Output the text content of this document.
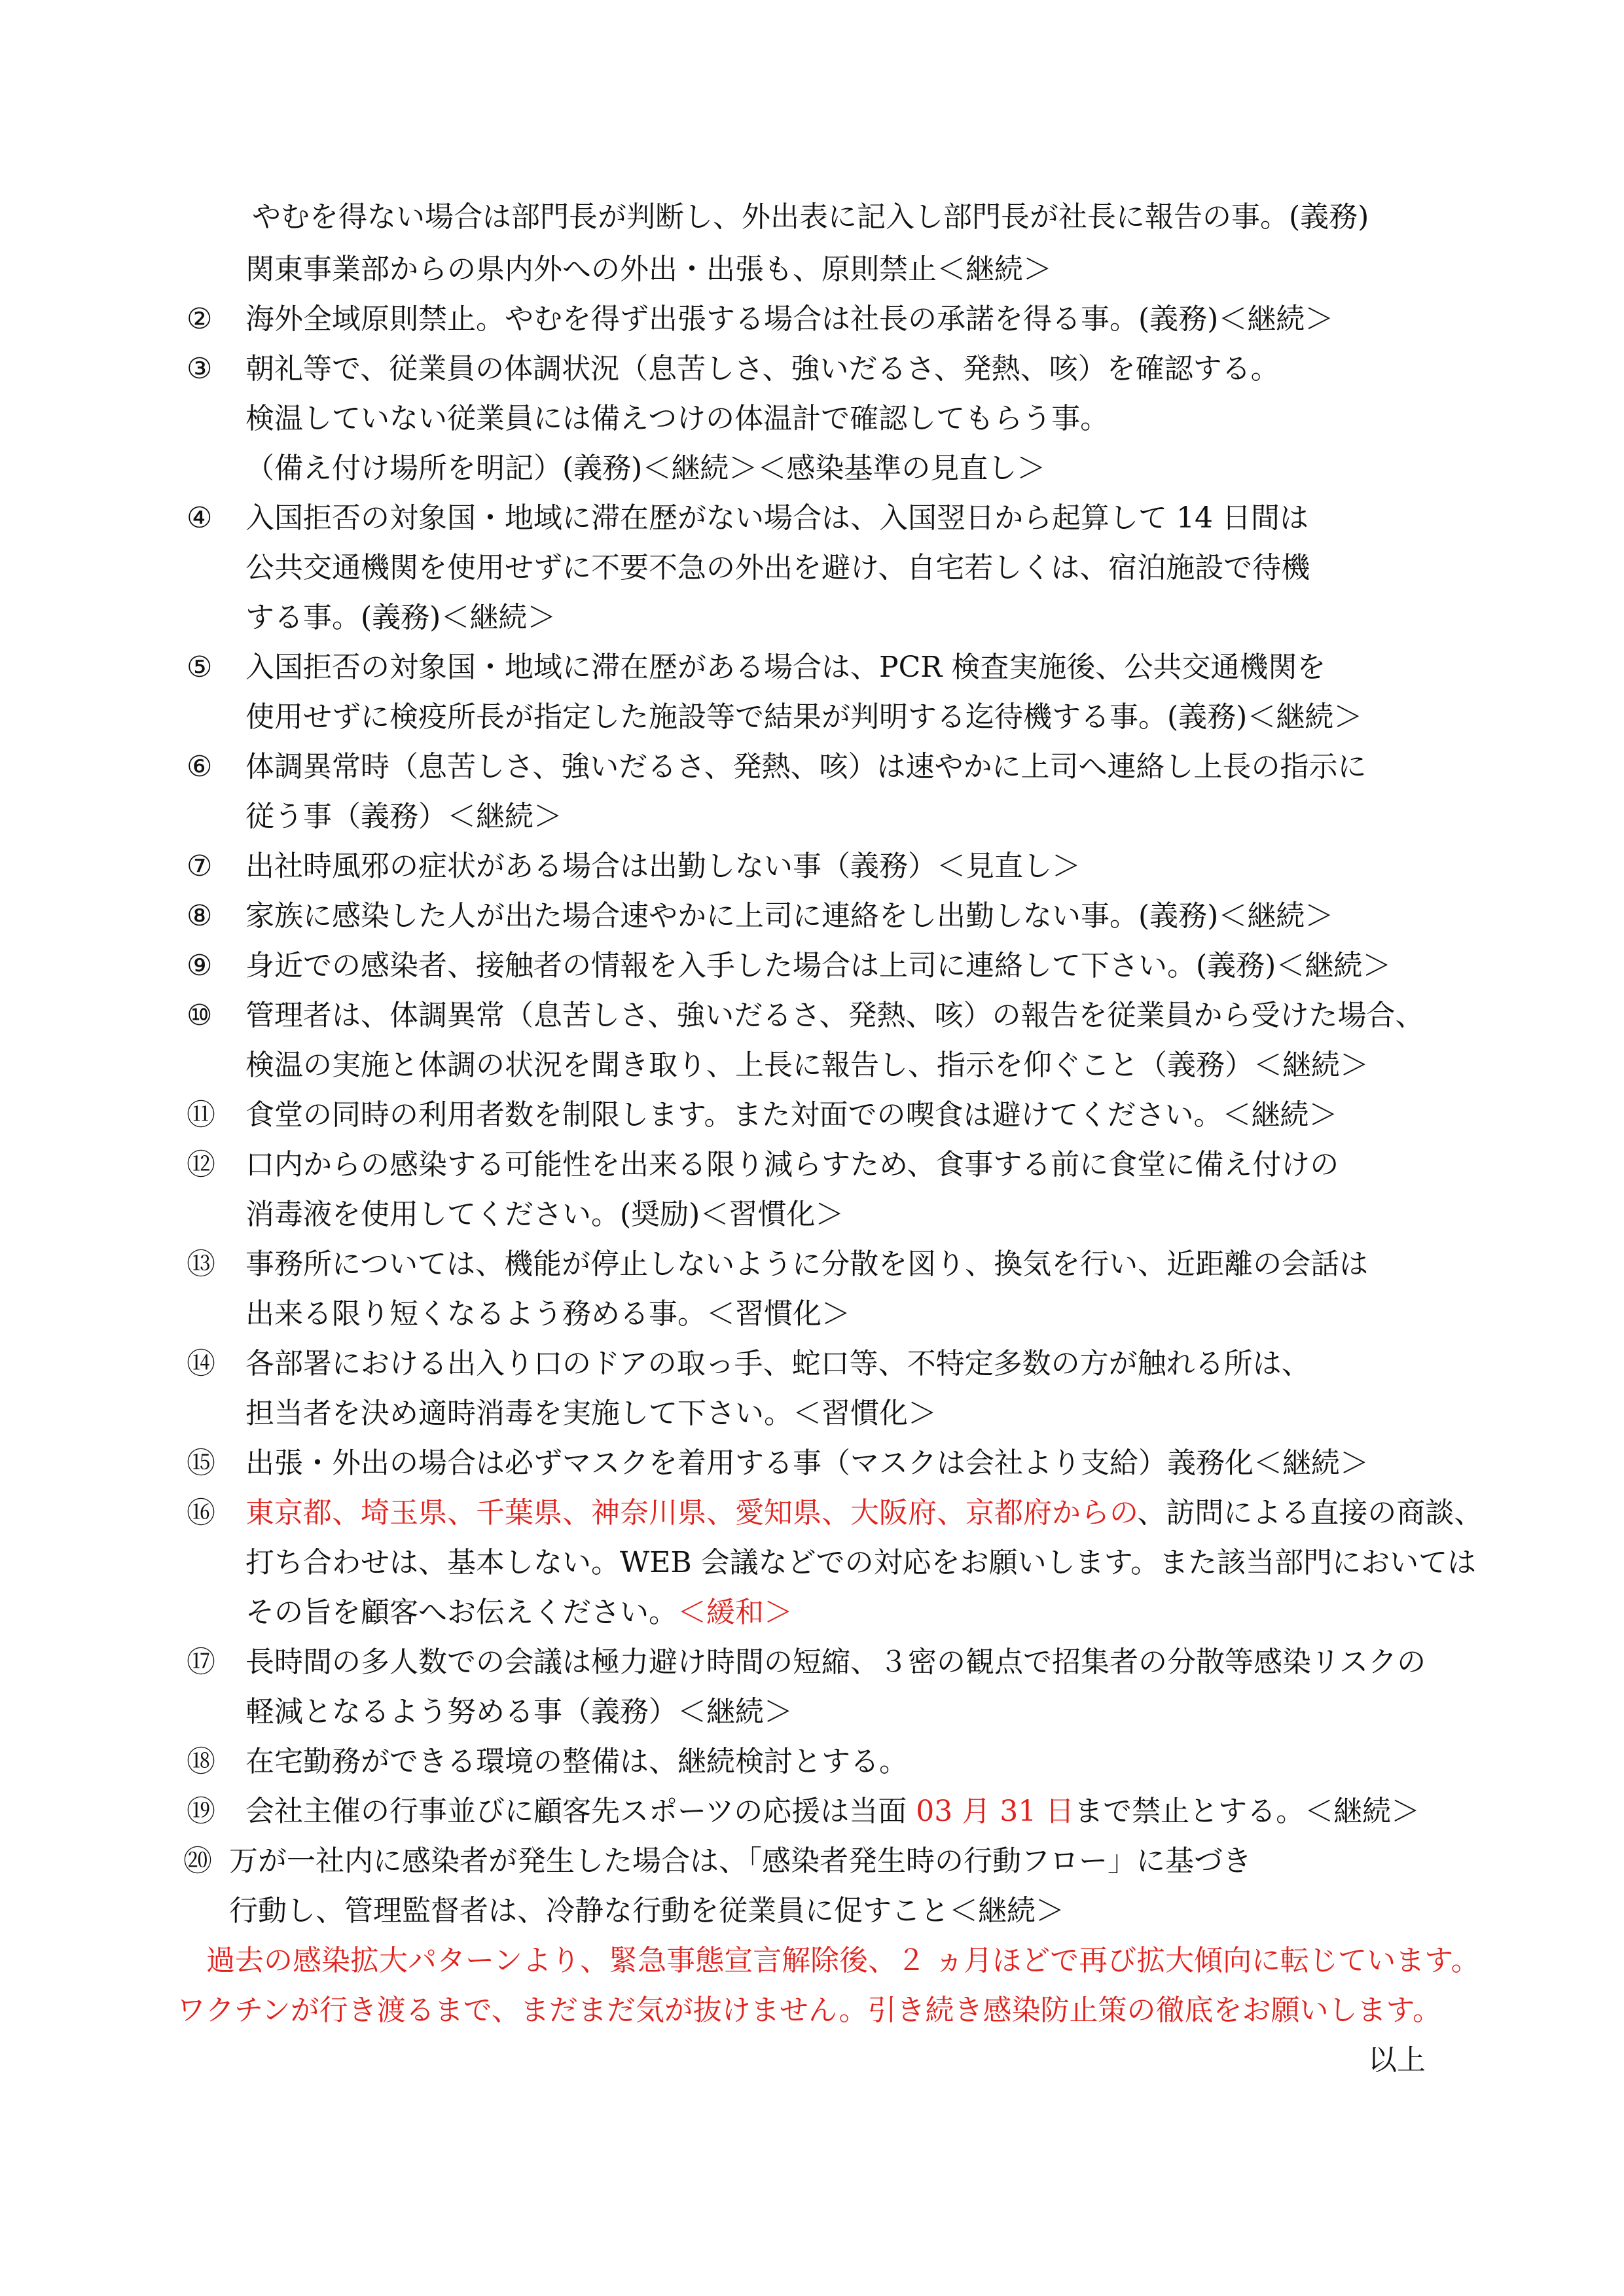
やむを得ない場合は部門長が判断し、外出表に記入し部門長が社長に報告の事。(義務)
関東事業部からの県内外への外出・出張も、原則禁止＜継続＞
② 海外全域原則禁止。やむを得ず出張する場合は社長の承諾を得る事。(義務)＜継続＞
③ 朝礼等で、従業員の体調状況（息苦しさ、強いだるさ、発熱、咳）を確認する。
検温していない従業員には備えつけの体温計で確認してもらう事。
（備え付け場所を明記）(義務)＜継続＞＜感染基準の見直し＞
④ 入国拒否の対象国・地域に滞在歴がない場合は、入国翌日から起算して 14 日間は
公共交通機関を使用せずに不要不急の外出を避け、自宅若しくは、宿泊施設で待機
する事。(義務)＜継続＞
⑤ 入国拒否の対象国・地域に滞在歴がある場合は、PCR 検査実施後、公共交通機関を
使用せずに検疫所長が指定した施設等で結果が判明する迄待機する事。(義務)＜継続＞
⑥ 体調異常時（息苦しさ、強いだるさ、発熱、咳）は速やかに上司へ連絡し上長の指示に
従う事（義務）＜継続＞
⑦ 出社時風邪の症状がある場合は出勤しない事（義務）＜見直し＞
⑧ 家族に感染した人が出た場合速やかに上司に連絡をし出勤しない事。(義務)＜継続＞
⑨ 身近での感染者、接触者の情報を入手した場合は上司に連絡して下さい。(義務)＜継続＞
⑩ 管理者は、体調異常（息苦しさ、強いだるさ、発熱、咳）の報告を従業員から受けた場合、
検温の実施と体調の状況を聞き取り、上長に報告し、指示を仰ぐこと（義務）＜継続＞
⑪ 食堂の同時の利用者数を制限します。また対面での喫食は避けてください。＜継続＞
⑫ 口内からの感染する可能性を出来る限り減らすため、食事する前に食堂に備え付けの
消毒液を使用してください。(奨励)＜習慣化＞
⑬ 事務所については、機能が停止しないように分散を図り、換気を行い、近距離の会話は
出来る限り短くなるよう務める事。＜習慣化＞
⑭ 各部署における出入り口のドアの取っ手、蛇口等、不特定多数の方が触れる所は、
担当者を決め適時消毒を実施して下さい。＜習慣化＞
⑮ 出張・外出の場合は必ずマスクを着用する事（マスクは会社より支給）義務化＜継続＞
⑯ 東京都、埼玉県、千葉県、神奈川県、愛知県、大阪府、京都府からの、訪問による直接の商談、
打ち合わせは、基本しない。WEB 会議などでの対応をお願いします。また該当部門においては
その旨を顧客へお伝えください。＜緩和＞
⑰ 長時間の多人数での会議は極力避け時間の短縮、３密の観点で招集者の分散等感染リスクの
軽減となるよう努める事（義務）＜継続＞
⑱ 在宅勤務ができる環境の整備は、継続検討とする。
⑲ 会社主催の行事並びに顧客先スポーツの応援は当面 03 月 31 日まで禁止とする。＜継続＞
⑳ 万が一社内に感染者が発生した場合は、「感染者発生時の行動フロー」に基づき
行動し、管理監督者は、冷静な行動を従業員に促すこと＜継続＞
過去の感染拡大パターンより、緊急事態宣言解除後、２ ヵ月ほどで再び拡大傾向に転じています。
ワクチンが行き渡るまで、まだまだ気が抜けません。引き続き感染防止策の徹底をお願いします。
以上
